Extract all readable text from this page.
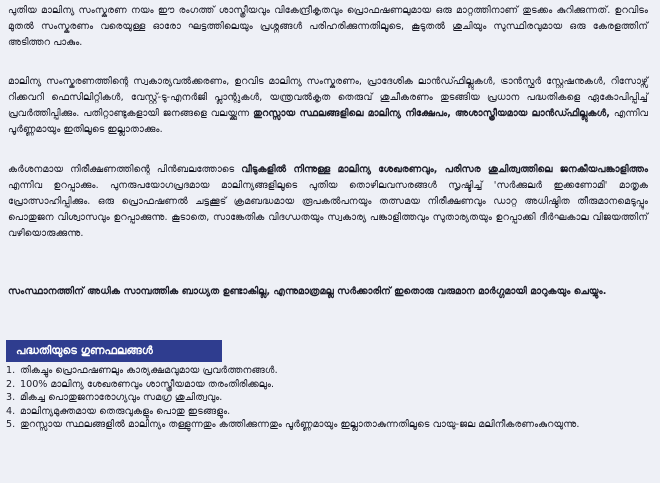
പുതിയ മാലിന്യ സംസ്കരണ നയം ഈ രംഗത്ത് ശാസ്ത്രീയവും വികേന്ദ്രീകൃതവും പ്രൊഫഷണലുമായ ഒരു മാറ്റത്തിനാണ് തുടക്കം കുറിക്കുന്നത്. ഉറവിടം മുതൽ സംസ്കരണം വരെയുള്ള ഓരോ ഘട്ടത്തിലെയും പ്രശ്നങ്ങൾ പരിഹരിക്കുന്നതിലൂടെ, കൂടുതൽ ശുചിയും സുസ്ഥിരവുമായ ഒരു കേരളത്തിന് അടിത്തറ പാകും.

മാലിന്യ സംസ്കരണത്തിന്റെ സ്വകാര്യവൽക്കരണം, ഉറവിട മാലിന്യ സംസ്കരണം, പ്രാദേശിക ലാൻഡ്ഫില്ലുകൾ, ട്രാൻസ്ഫർ സ്റ്റേഷനുകൾ, റിസോഴ്സ് റിക്കവറി ഫെസിലിറ്റികൾ, വേസ്റ്റ്-ടു-എനർജി പ്ലാന്റുകൾ, യന്ത്രവൽകൃത തെരുവ് ശുചീകരണം തുടങ്ങിയ പ്രധാന പദ്ധതികളെ ഏകോപിപ്പിച്ച് പ്രവർത്തിപ്പിക്കും. പതിറ്റാണ്ടുകളായി ജനങ്ങളെ വലയ്ക്കുന്ന തുറസ്സായ സ്ഥലങ്ങളിലെ മാലിന്യ നിക്ഷേപം, അശാസ്ത്രീയമായ ലാൻഡ്ഫില്ലുകൾ, എന്നിവ പൂർണ്ണമായും ഇതിലൂടെ ഇല്ലാതാക്കും.

കർശനമായ നിരീക്ഷണത്തിന്റെ പിൻബലത്തോടെ വീടുകളിൽ നിന്നുള്ള മാലിന്യ ശേഖരണവും, പരിസര ശുചിത്വത്തിലെ ജനകീയപങ്കാളിത്തം എന്നിവ ഉറപ്പാക്കും. പുനരുപയോഗപ്രദമായ മാലിന്യങ്ങളിലൂടെ പുതിയ തൊഴിലവസരങ്ങൾ സൃഷ്ടിച്ച് 'സർക്കുലർ ഇക്കണോമി' മാതൃക പ്രോത്സാഹിപ്പിക്കും. ഒരു പ്രൊഫഷണൽ ചട്ടക്കൂട് ക്രമബദ്ധമായ രൂപകൽപനയും തത്സമയ നിരീക്ഷണവും ഡാറ്റ അധിഷ്ഠിത തീരുമാനമെടുപ്പും പൊതുജന വിശ്വാസവും ഉറപ്പാക്കുന്നു. കൂടാതെ, സാങ്കേതിക വിദഗ്ധതയും സ്വകാര്യ പങ്കാളിത്തവും സുതാര്യതയും ഉറപ്പാക്കി ദീർഘകാല വിജയത്തിന് വഴിയൊരുക്കുന്നു.

സംസ്ഥാനത്തിന് അധിക സാമ്പത്തിക ബാധ്യത ഉണ്ടാകില്ല, എന്നുമാത്രമല്ല സർക്കാരിന് ഇതൊരു വരുമാന മാർഗ്ഗമായി മാറുകയും ചെയ്യും.

പദ്ധതിയുടെ ഗുണഫലങ്ങൾ
1. തികച്ചും പ്രൊഫഷണലും കാര്യക്ഷമവുമായ പ്രവർത്തനങ്ങൾ.
2. 100% മാലിന്യ ശേഖരണവും ശാസ്ത്രീയമായ തരംതിരിക്കലും.
3. മികച്ച പൊതുജനാരോഗ്യവും സമഗ്ര ശുചിത്വവും.
4. മാലിന്യമുക്തമായ തെരുവുകളും പൊതു ഇടങ്ങളും.
5. തുറസ്സായ സ്ഥലങ്ങളിൽ മാലിന്യം തള്ളുന്നതും കത്തിക്കുന്നതും പൂർണ്ണമായും ഇല്ലാതാകുന്നതിലൂടെ വായു-ജല മലിനീകരണംകുറയുന്നു.
